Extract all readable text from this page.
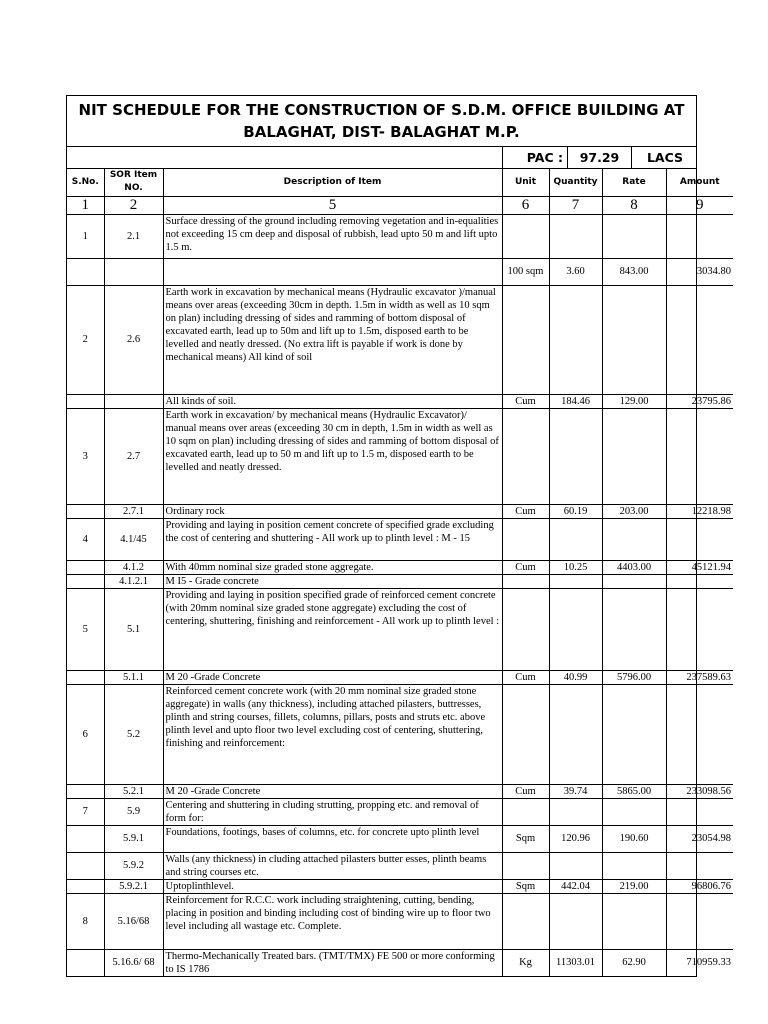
NIT SCHEDULE FOR THE CONSTRUCTION OF S.D.M. OFFICE BUILDING AT
BALAGHAT, DIST- BALAGHAT M.P.
PAC :	97.29	LACS
S.No.	SOR Item NO.	Description of Item	Unit	Quantity	Rate	Amount
1	2	5	6	7	8	9
1	2.1	Surface dressing of the ground including removing vegetation and in-equalities not exceeding 15 cm deep and disposal of rubbish, lead upto 50 m and lift upto 1.5 m.				
			100 sqm	3.60	843.00	3034.80
2	2.6	Earth work in excavation by mechanical means (Hydraulic excavator )/manual means over areas (exceeding 30cm in depth. 1.5m in width as well as 10 sqm on plan) including dressing of sides and ramming of bottom disposal of excavated earth, lead up to 50m and lift up to 1.5m, disposed earth to be levelled and neatly dressed. (No extra lift is payable if work is done by mechanical means) All kind of soil				
		All kinds of soil.	Cum	184.46	129.00	23795.86
3	2.7	Earth work in excavation/ by mechanical means (Hydraulic Excavator)/ manual means over areas (exceeding 30 cm in depth, 1.5m in width as well as 10 sqm on plan) including dressing of sides and ramming of bottom disposal of excavated earth, lead up to 50 m and lift up to 1.5 m, disposed earth to be levelled and neatly dressed.				
	2.7.1	Ordinary rock	Cum	60.19	203.00	12218.98
4	4.1/45	Providing and laying in position cement concrete of specified grade excluding the cost of centering and shuttering - All work up to plinth level : M - 15				
	4.1.2	With 40mm nominal size graded stone aggregate.	Cum	10.25	4403.00	45121.94
	4.1.2.1	M I5 - Grade concrete				
5	5.1	Providing and laying in position specified grade of reinforced cement concrete (with 20mm nominal size graded stone aggregate) excluding the cost of centering, shuttering, finishing and reinforcement - All work up to plinth level :				
	5.1.1	M 20 -Grade Concrete	Cum	40.99	5796.00	237589.63
6	5.2	Reinforced cement concrete work (with 20 mm nominal size graded stone aggregate) in walls (any thickness), including attached pilasters, buttresses, plinth and string courses, fillets, columns, pillars, posts and struts etc. above plinth level and upto floor two level excluding cost of centering, shuttering, finishing and reinforcement:				
	5.2.1	M 20 -Grade Concrete	Cum	39.74	5865.00	233098.56
7	5.9	Centering and shuttering in cluding strutting, propping etc. and removal of form for:				
	5.9.1	Foundations, footings, bases of columns, etc. for concrete upto plinth level	Sqm	120.96	190.60	23054.98
	5.9.2	Walls (any thickness) in cluding attached pilasters butter esses, plinth beams and string courses etc.				
	5.9.2.1	Uptoplinthlevel.	Sqm	442.04	219.00	96806.76
8	5.16/68	Reinforcement for R.C.C. work including straightening, cutting, bending, placing in position and binding including cost of binding wire up to floor two level including all wastage etc. Complete.				
	5.16.6/ 68	Thermo-Mechanically Treated bars. (TMT/TMX) FE 500 or more conforming to IS 1786	Kg	11303.01	62.90	710959.33
